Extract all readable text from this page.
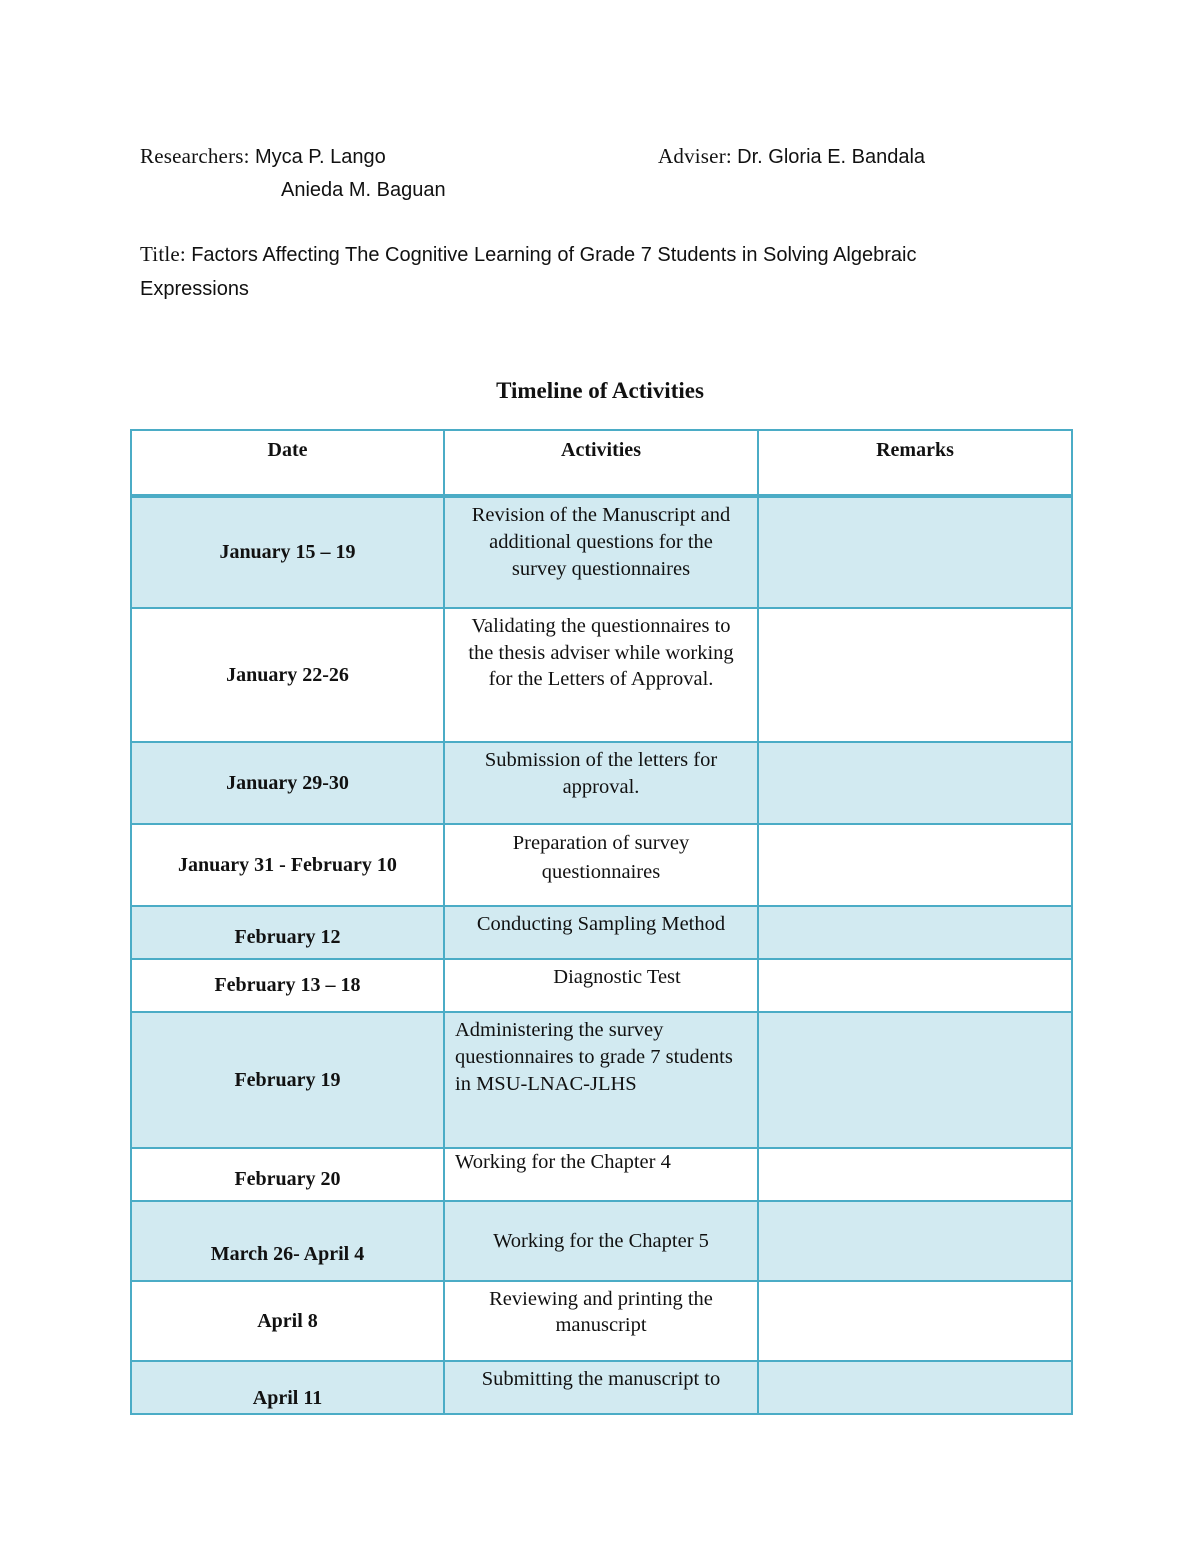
Researchers: Myca P. Lango
Anieda M. Baguan
Adviser: Dr. Gloria E. Bandala
Title: Factors Affecting The Cognitive Learning of Grade 7 Students in Solving Algebraic Expressions
Timeline of Activities
Date	Activities	Remarks
January 15 – 19	Revision of the Manuscript and additional questions for the survey questionnaires	
January 22-26	Validating the questionnaires to the thesis adviser while working for the Letters of Approval.	
January 29-30	Submission of the letters for approval.	
January 31 - February 10	Preparation of survey questionnaires	
February 12	Conducting Sampling Method	
February 13 – 18	Diagnostic Test	
February 19	Administering the survey questionnaires to grade 7 students in MSU-LNAC-JLHS	
February 20	Working for the Chapter 4	
March 26- April 4	Working for the Chapter 5	
April 8	Reviewing and printing the manuscript	
April 11	Submitting the manuscript to	
